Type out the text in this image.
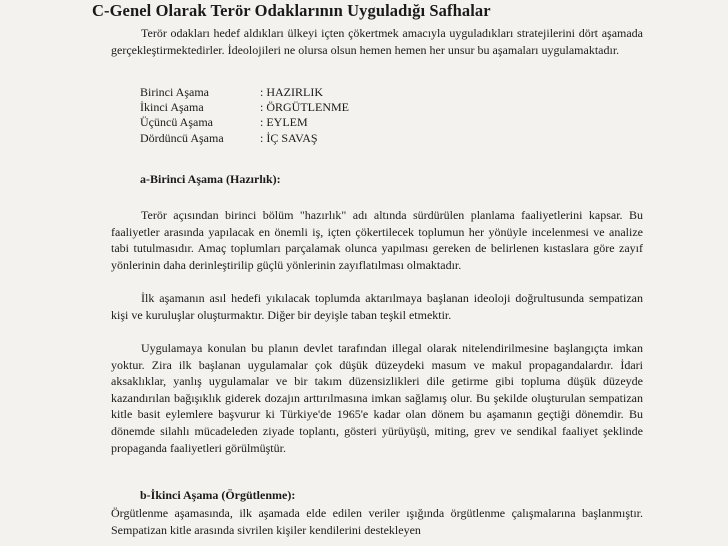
C-Genel Olarak Terör Odaklarının Uyguladığı Safhalar
Terör odakları hedef aldıkları ülkeyi içten çökertmek amacıyla uyguladıkları stratejilerini dört aşamada gerçekleştirmektedirler. İdeolojileri ne olursa olsun hemen hemen her unsur bu aşamaları uygulamaktadır.
Birinci Aşama	: HAZIRLIK
İkinci Aşama	: ÖRGÜTLENME
Üçüncü Aşama	: EYLEM
Dördüncü Aşama	: İÇ SAVAŞ
a-Birinci Aşama (Hazırlık):
Terör açısından birinci bölüm "hazırlık" adı altında sürdürülen planlama faaliyetlerini kapsar. Bu faaliyetler arasında yapılacak en önemli iş, içten çökertilecek toplumun her yönüyle incelenmesi ve analize tabi tutulmasıdır. Amaç toplumları parçalamak olunca yapılması gereken de belirlenen kıstaslara göre zayıf yönlerinin daha derinleştirilip güçlü yönlerinin zayıflatılması olmaktadır.
İlk aşamanın asıl hedefi yıkılacak toplumda aktarılmaya başlanan ideoloji doğrultusunda sempatizan kişi ve kuruluşlar oluşturmaktır. Diğer bir deyişle taban teşkil etmektir.
Uygulamaya konulan bu planın devlet tarafından illegal olarak nitelendirilmesine başlangıçta imkan yoktur. Zira ilk başlanan uygulamalar çok düşük düzeydeki masum ve makul propagandalardır. İdari aksaklıklar, yanlış uygulamalar ve bir takım düzensizlikleri dile getirme gibi topluma düşük düzeyde kazandırılan bağışıklık giderek dozajın arttırılmasına imkan sağlamış olur. Bu şekilde oluşturulan sempatizan kitle basit eylemlere başvurur ki Türkiye'de 1965'e kadar olan dönem bu aşamanın geçtiği dönemdir. Bu dönemde silahlı mücadeleden ziyade toplantı, gösteri yürüyüşü, miting, grev ve sendikal faaliyet şeklinde propaganda faaliyetleri görülmüştür.
b-İkinci Aşama (Örgütlenme):
Örgütlenme aşamasında, ilk aşamada elde edilen veriler ışığında örgütlenme çalışmalarına başlanmıştır. Sempatizan kitle arasında sivrilen kişiler kendilerini destekleyen
